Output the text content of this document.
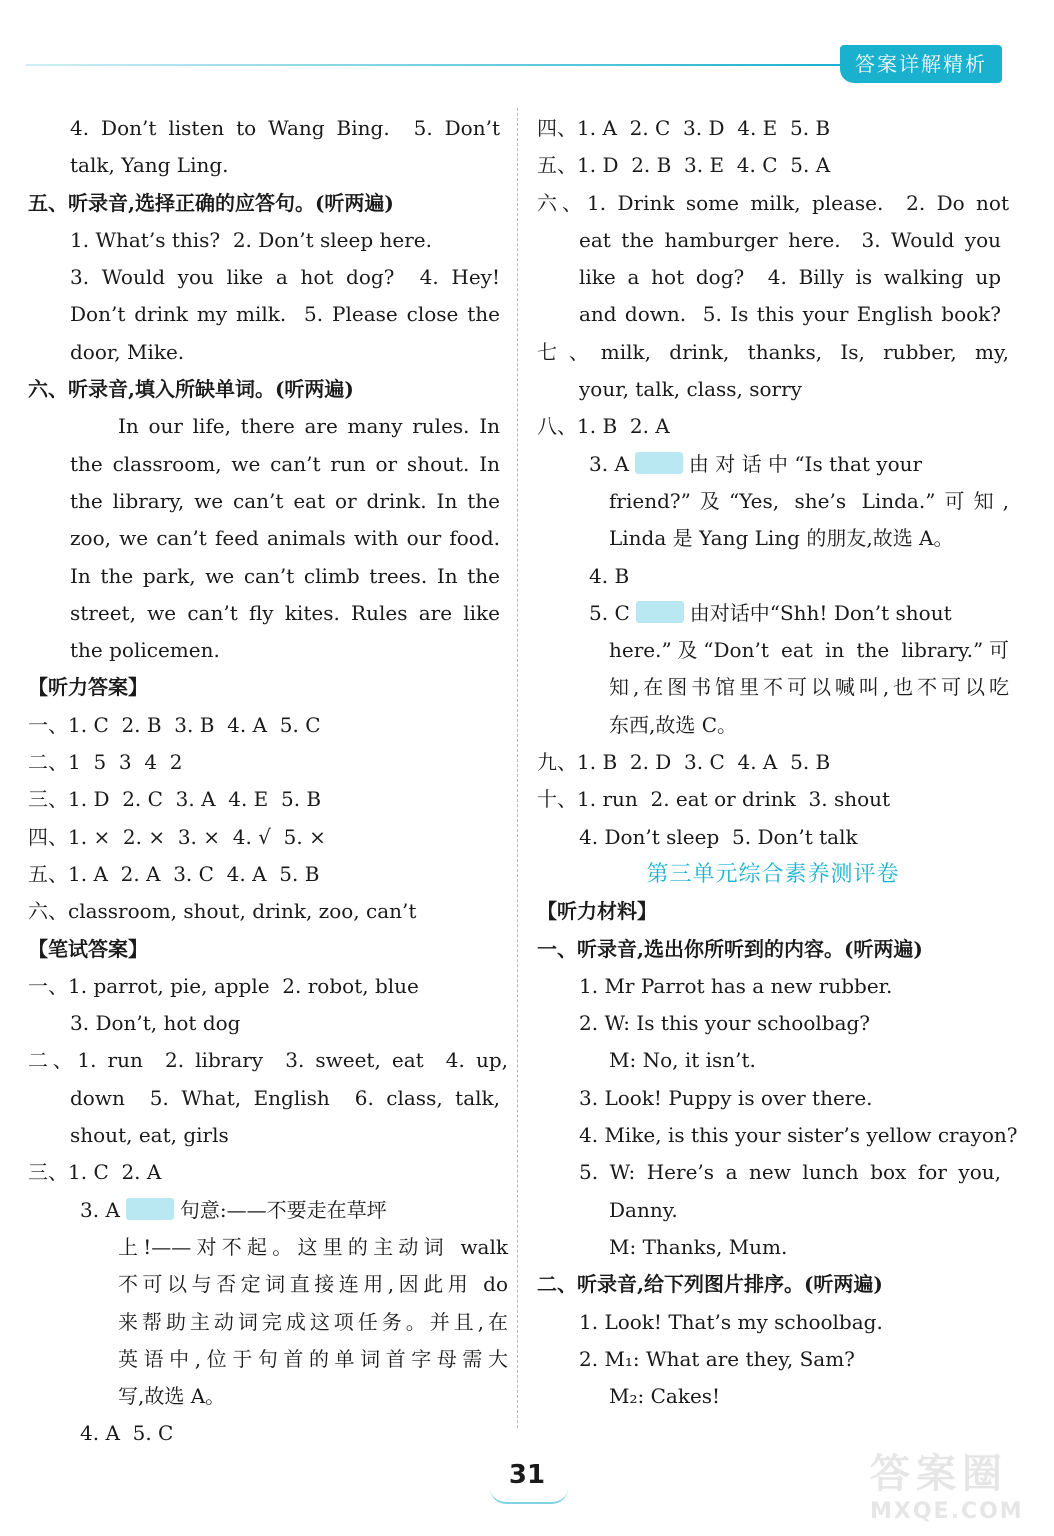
答案详解精析
4. Don’t listen to Wang Bing.  5. Don’t
talk, Yang Ling.
五、听录音,选择正确的应答句。(听两遍)
1. What’s this?  2. Don’t sleep here.
3. Would you like a hot dog?  4. Hey!
Don’t drink my milk.  5. Please close the
door, Mike.
六、听录音,填入所缺单词。(听两遍)
In our life, there are many rules. In
the classroom, we can’t run or shout. In
the library, we can’t eat or drink. In the
zoo, we can’t feed animals with our food.
In the park, we can’t climb trees. In the
street, we can’t fly kites. Rules are like
the policemen.
【听力答案】
一、1. C  2. B  3. B  4. A  5. C
二、1  5  3  4  2
三、1. D  2. C  3. A  4. E  5. B
四、1. ×  2. ×  3. ×  4. √  5. ×
五、1. A  2. A  3. C  4. A  5. B
六、classroom, shout, drink, zoo, can’t
【笔试答案】
一、1. parrot, pie, apple  2. robot, blue
3. Don’t, hot dog
二、1. run  2. library  3. sweet, eat  4. up,
down  5. What, English  6. class, talk,
shout, eat, girls
三、1. C  2. A
3. A	句意:——不要走在草坪
上!——对不起。这里的主动词 walk
不可以与否定词直接连用,因此用 do
来帮助主动词完成这项任务。并且,在
英语中,位于句首的单词首字母需大
写,故选 A。
4. A  5. C
四、1. A  2. C  3. D  4. E  5. B
五、1. D  2. B  3. E  4. C  5. A
六、1. Drink some milk, please.  2. Do not
eat the hamburger here.  3. Would you
like a hot dog?  4. Billy is walking up
and down.  5. Is this your English book?
七、milk, drink, thanks, Is, rubber, my,
your, talk, class, sorry
八、1. B  2. A
3. A	由 对 话 中 “Is that your
friend?”及“Yes, she’s Linda.”可知,
Linda 是 Yang Ling 的朋友,故选 A。
4. B
5. C	由对话中“Shh! Don’t shout
here.”及“Don’t eat in the library.”可
知,在图书馆里不可以喊叫,也不可以吃
东西,故选 C。
九、1. B  2. D  3. C  4. A  5. B
十、1. run  2. eat or drink  3. shout
4. Don’t sleep  5. Don’t talk
第三单元综合素养测评卷
【听力材料】
一、听录音,选出你所听到的内容。(听两遍)
1. Mr Parrot has a new rubber.
2. W: Is this your schoolbag?
M: No, it isn’t.
3. Look! Puppy is over there.
4. Mike, is this your sister’s yellow crayon?
5. W: Here’s a new lunch box for you,
Danny.
M: Thanks, Mum.
二、听录音,给下列图片排序。(听两遍)
1. Look! That’s my schoolbag.
2. M₁: What are they, Sam?
M₂: Cakes!
31	答案圈
MXQE.COM
